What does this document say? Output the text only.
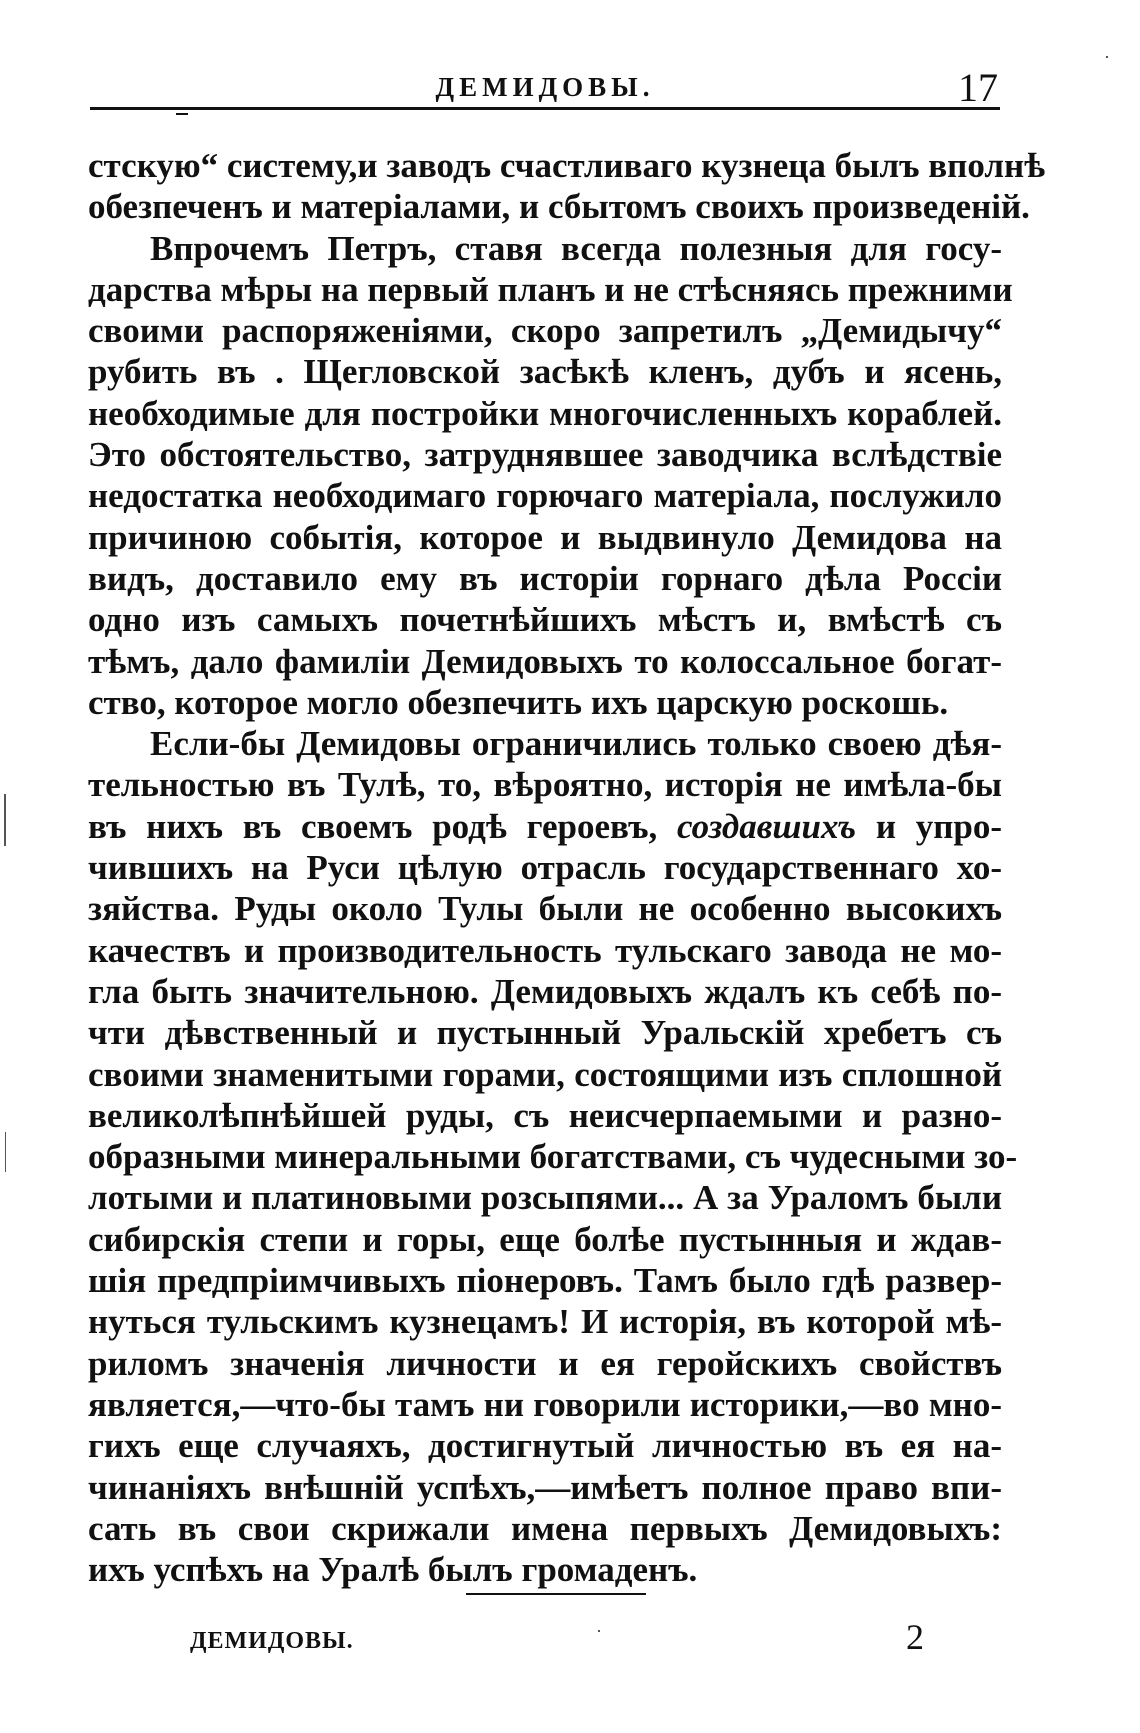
ДЕМИДОВЫ.	17
стскую“ систему,и заводъ счастливаго кузнеца былъ вполнѣ
обезпеченъ и матеріалами, и сбытомъ своихъ произведеній.
Впрочемъ Петръ, ставя всегда полезныя для госу-
дарства мѣры на первый планъ и не стѣсняясь прежними
своими распоряженіями, скоро запретилъ „Демидычу“
рубить въ . Щегловской засѣкѣ кленъ, дубъ и ясень,
необходимые для постройки многочисленныхъ кораблей.
Это обстоятельство, затруднявшее заводчика вслѣдствіе
недостатка необходимаго горючаго матеріала, послужило
причиною событія, которое и выдвинуло Демидова на
видъ, доставило ему въ исторіи горнаго дѣла Россіи
одно изъ самыхъ почетнѣйшихъ мѣстъ и, вмѣстѣ съ
тѣмъ, дало фамиліи Демидовыхъ то колоссальное богат-
ство, которое могло обезпечить ихъ царскую роскошь.
Если-бы Демидовы ограничились только своею дѣя-
тельностью въ Тулѣ, то, вѣроятно, исторія не имѣла-бы
въ нихъ въ своемъ родѣ героевъ, создавшихъ и упро-
чившихъ на Руси цѣлую отрасль государственнаго хо-
зяйства. Руды около Тулы были не особенно высокихъ
качествъ и производительность тульскаго завода не мо-
гла быть значительною. Демидовыхъ ждалъ къ себѣ по-
чти дѣвственный и пустынный Уральскій хребетъ съ
своими знаменитыми горами, состоящими изъ сплошной
великолѣпнѣйшей руды, съ неисчерпаемыми и разно-
образными минеральными богатствами, съ чудесными зо-
лотыми и платиновыми розсыпями... А за Ураломъ были
сибирскія степи и горы, еще болѣе пустынныя и ждав-
шія предпріимчивыхъ піонеровъ. Тамъ было гдѣ развер-
нуться тульскимъ кузнецамъ! И исторія, въ которой мѣ-
риломъ значенія личности и ея геройскихъ свойствъ
является,—что-бы тамъ ни говорили историки,—во мно-
гихъ еще случаяхъ, достигнутый личностью въ ея на-
чинаніяхъ внѣшній успѣхъ,—имѣетъ полное право впи-
сать въ свои скрижали имена первыхъ Демидовыхъ:
ихъ успѣхъ на Уралѣ былъ громаденъ.
ДЕМИДОВЫ.	2
